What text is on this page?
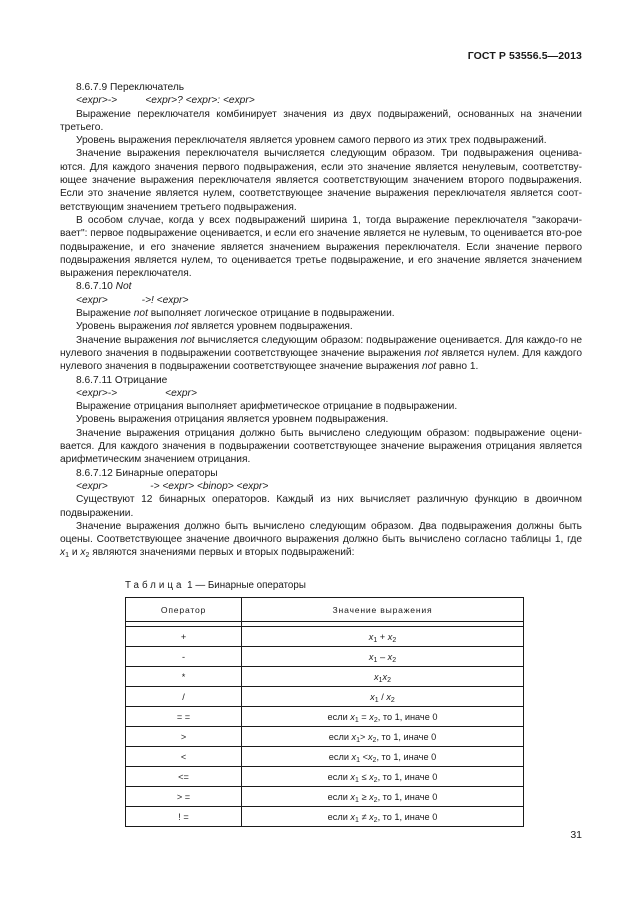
ГОСТ Р 53556.5—2013

8.6.7.9 Переключатель

<expr>->          <expr>? <expr>: <expr>

Выражение переключателя комбинирует значения из двух подвыражений, основанных на значении третьего.

Уровень выражения переключателя является уровнем самого первого из этих трех подвыражений.

Значение выражения переключателя вычисляется следующим образом. Три подвыражения оценива-ются. Для каждого значения первого подвыражения, если это значение является ненулевым, соответству-ющее значение выражения переключателя является соответствующим значением второго подвыражения. Если это значение является нулем, соответствующее значение выражения переключателя является соот-ветствующим значением третьего подвыражения.

В особом случае, когда у всех подвыражений ширина 1, тогда выражение переключателя "закорачи-вает": первое подвыражение оценивается, и если его значение является не нулевым, то оценивается вто-рое подвыражение, и его значение является значением выражения переключателя. Если значение первого подвыражения является нулем, то оценивается третье подвыражение, и его значение является значением выражения переключателя.

8.6.7.10 Not

<expr>            ->! <expr>

Выражение not выполняет логическое отрицание в подвыражении.

Уровень выражения not является уровнем подвыражения.

Значение выражения not вычисляется следующим образом: подвыражение оценивается. Для каждо-го не нулевого значения в подвыражении соответствующее значение выражения not является нулем. Для каждого нулевого значения в подвыражении соответствующее значение выражения not равно 1.

8.6.7.11 Отрицание

<expr>->                 <expr>

Выражение отрицания выполняет арифметическое отрицание в подвыражении.

Уровень выражения отрицания является уровнем подвыражения.

Значение выражения отрицания должно быть вычислено следующим образом: подвыражение оцени-вается. Для каждого значения в подвыражении соответствующее значение выражения отрицания является арифметическим значением отрицания.

8.6.7.12 Бинарные операторы

<expr>               -> <expr> <binop> <expr>

Существуют 12 бинарных операторов. Каждый из них вычисляет различную функцию в двоичном подвыражении.

Значение выражения должно быть вычислено следующим образом. Два подвыражения должны быть оцены. Соответствующее значение двоичного выражения должно быть вычислено согласно таблицы 1, где $x_1$ и $x_2$ являются значениями первых и вторых подвыражений:

Таблица 1 — Бинарные операторы
Оператор	Значение выражения

+	$x_1 + x_2$
-	$x_1 - x_2$
*	$x_1x_2$
/	$x_1 / x_2$
= =	если $x_1 = x_2$, то 1, иначе 0
>	если $x_1> x_2$, то 1, иначе 0
<	если $x_1 <x_2$, то 1, иначе 0
<=	если $x_1 \le x_2$, то 1, иначе 0
> =	если $x_1 \ge x_2$, то 1, иначе 0
! =	если $x_1 \ne x_2$, то 1, иначе 0
31
